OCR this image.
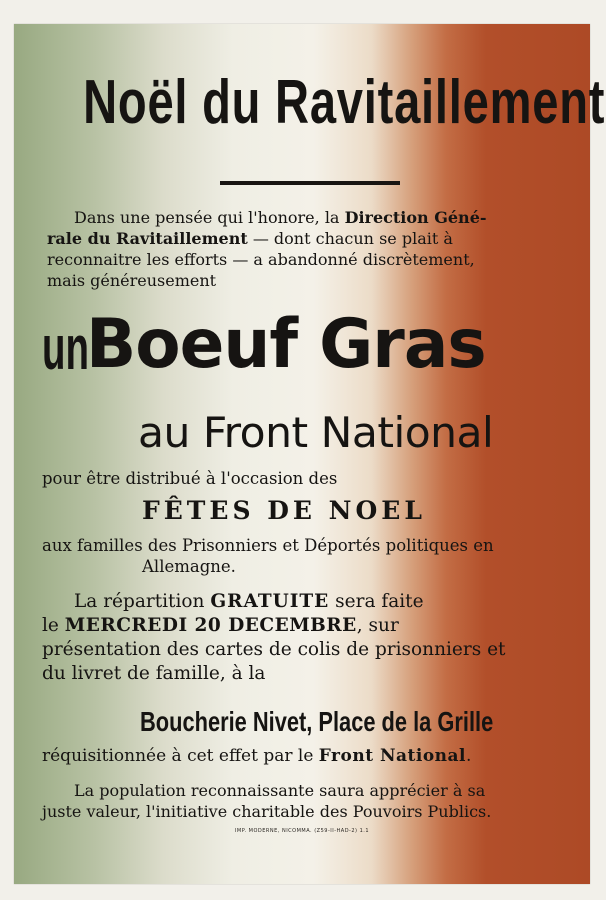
Noël du Ravitaillement
Dans une pensée qui l'honore, la Direction Géné-
rale du Ravitaillement — dont chacun se plait à
reconnaitre les efforts — a abandonné discrètement,
mais généreusement
un
Boeuf Gras
au Front National
pour être distribué à l'occasion des
FÊTES DE NOEL
aux familles des Prisonniers et Déportés politiques en
Allemagne.
La répartition GRATUITE sera faite
le MERCREDI 20 DECEMBRE, sur
présentation des cartes de colis de prisonniers et
du livret de famille, à la
Boucherie Nivet, Place de la Grille
réquisitionnée à cet effet par le Front National.
La population reconnaissante saura apprécier à sa
juste valeur, l'initiative charitable des Pouvoirs Publics.
IMP. MODERNE, NICOMMA. (Z59-II-HAD-2) 1.1
